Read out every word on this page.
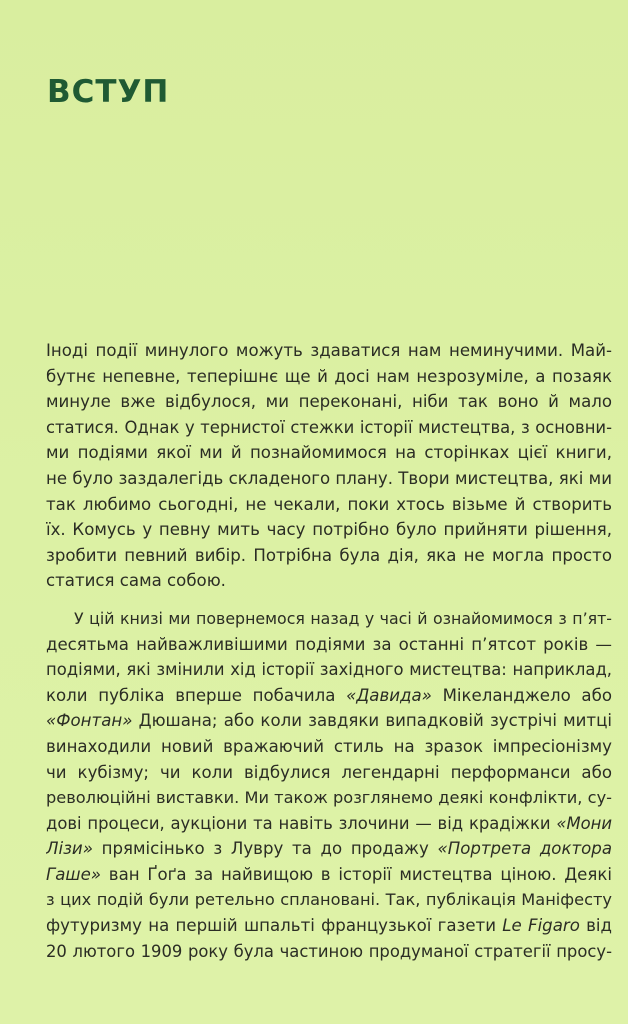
ВСТУП
Іноді події минулого можуть здаватися нам неминучими. Май-
бутнє непевне, теперішнє ще й досі нам незрозуміле, а позаяк
минуле вже відбулося, ми переконані, ніби так воно й мало
статися. Однак у тернистої стежки історії мистецтва, з основни-
ми подіями якої ми й познайомимося на сторінках цієї книги,
не було заздалегідь складеного плану. Твори мистецтва, які ми
так любимо сьогодні, не чекали, поки хтось візьме й створить
їх. Комусь у певну мить часу потрібно було прийняти рішення,
зробити певний вибір. Потрібна була дія, яка не могла просто
статися сама собою.
У цій книзі ми повернемося назад у часі й ознайомимося з п’ят-
десятьма найважливішими подіями за останні п’ятсот років —
подіями, які змінили хід історії західного мистецтва: наприклад,
коли публіка вперше побачила «Давида» Мікеланджело або
«Фонтан» Дюшана; або коли завдяки випадковій зустрічі митці
винаходили новий вражаючий стиль на зразок імпресіонізму
чи кубізму; чи коли відбулися легендарні перформанси або
революційні виставки. Ми також розглянемо деякі конфлікти, су-
дові процеси, аукціони та навіть злочини — від крадіжки «Мони
Лізи» прямісінько з Лувру та до продажу «Портрета доктора
Гаше» ван Ґоґа за найвищою в історії мистецтва ціною. Деякі
з цих подій були ретельно сплановані. Так, публікація Маніфесту
футуризму на першій шпальті французької газети Le Figaro від
20 лютого 1909 року була частиною продуманої стратегії просу-
